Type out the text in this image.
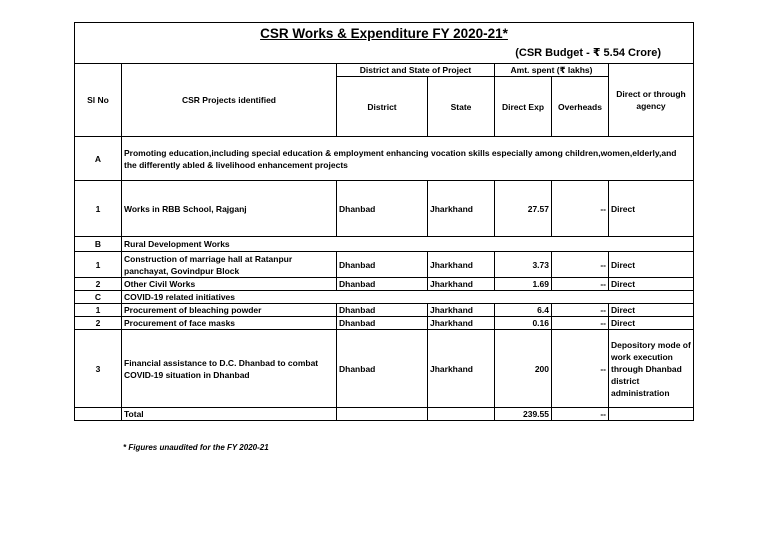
CSR Works & Expenditure FY 2020-21*						
(CSR Budget - ₹ 5.54 Crore)						
Sl No	CSR Projects identified	District and State of Project		Amt. spent (₹ lakhs)		Direct or through agency
		District	State	Direct Exp	Overheads	
A	Promoting education,including special education & employment enhancing vocation skills especially among children,women,elderly,and the differently abled & livelihood enhancement projects					
1	Works in RBB School, Rajganj	Dhanbad	Jharkhand	27.57	--	Direct
B	Rural Development Works					
1	Construction of marriage hall at Ratanpur panchayat, Govindpur Block	Dhanbad	Jharkhand	3.73	--	Direct
2	Other Civil Works	Dhanbad	Jharkhand	1.69	--	Direct
C	COVID-19 related initiatives					
1	Procurement of bleaching powder	Dhanbad	Jharkhand	6.4	--	Direct
2	Procurement of face masks	Dhanbad	Jharkhand	0.16	--	Direct
3	Financial assistance to D.C. Dhanbad to combat COVID-19 situation in Dhanbad	Dhanbad	Jharkhand	200	--	Depository mode of work execution through Dhanbad district administration
	Total			239.55	--	
* Figures unaudited for the FY 2020-21
